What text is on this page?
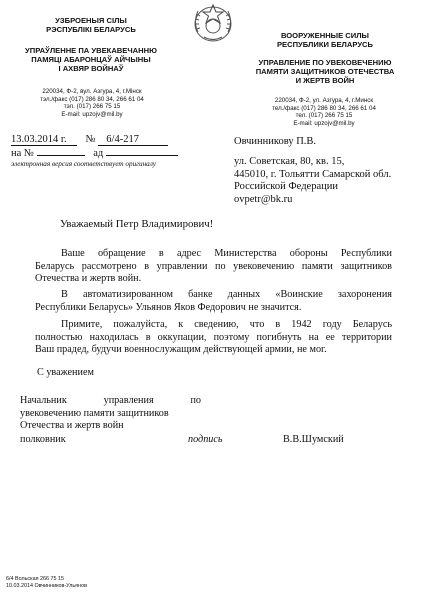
УЗБРОЕНЫЯ СІЛЫ
РЭСПУБЛІКІ БЕЛАРУСЬ
УПРАЎЛЕННЕ ПА УВЕКАВЕЧАННЮ
ПАМЯЦІ АБАРОНЦАЎ АЙЧЫНЫ
І АХВЯР ВОЙНАЎ
220034, Ф-2, вул. Азгура, 4, г.Мінск
тэл./факс (017) 286 80 34, 266 61 04
тэл. (017) 266 75 15
E-mail: upzojv@mil.by
ВООРУЖЕННЫЕ СИЛЫ
РЕСПУБЛИКИ БЕЛАРУСЬ
УПРАВЛЕНИЕ ПО УВЕКОВЕЧЕНИЮ
ПАМЯТИ ЗАЩИТНИКОВ ОТЕЧЕСТВА
И ЖЕРТВ ВОЙН
220034, Ф-2, ул. Азгура, 4, г.Минск
тел./факс (017) 286 80 34, 266 61 04
тел. (017) 266 75 15
E-mail: upzojv@mil.by
13.03.2014 г. № 6/4-217
на №	ад
электронная версия соответствует оригиналу
Овчинникову П.В.
ул. Советская, 80, кв. 15,
445010, г. Тольятти Самарской обл.
Российской Федерации
ovpetr@bk.ru
Уважаемый Петр Владимирович!
Ваше обращение в адрес Министерства обороны Республики
Беларусь рассмотрено в управлении по увековечению памяти защитников
Отечества и жертв войн.
В автоматизированном банке данных «Воинские захоронения
Республики Беларусь» Ульянов Яков Федорович не значится.
Примите, пожалуйста, к сведению, что в 1942 году Беларусь
полностью находилась в оккупации, поэтому погибнуть на ее территории
Ваш прадед, будучи военнослужащим действующей армии, не мог.
С уважением
Начальник управления по
увековечению памяти защитников
Отечества и жертв войн
полковник	подпись	В.В.Шумский
6/4 Вольская 266 75 15
10.03.2014 Овчинников-Ульянов
